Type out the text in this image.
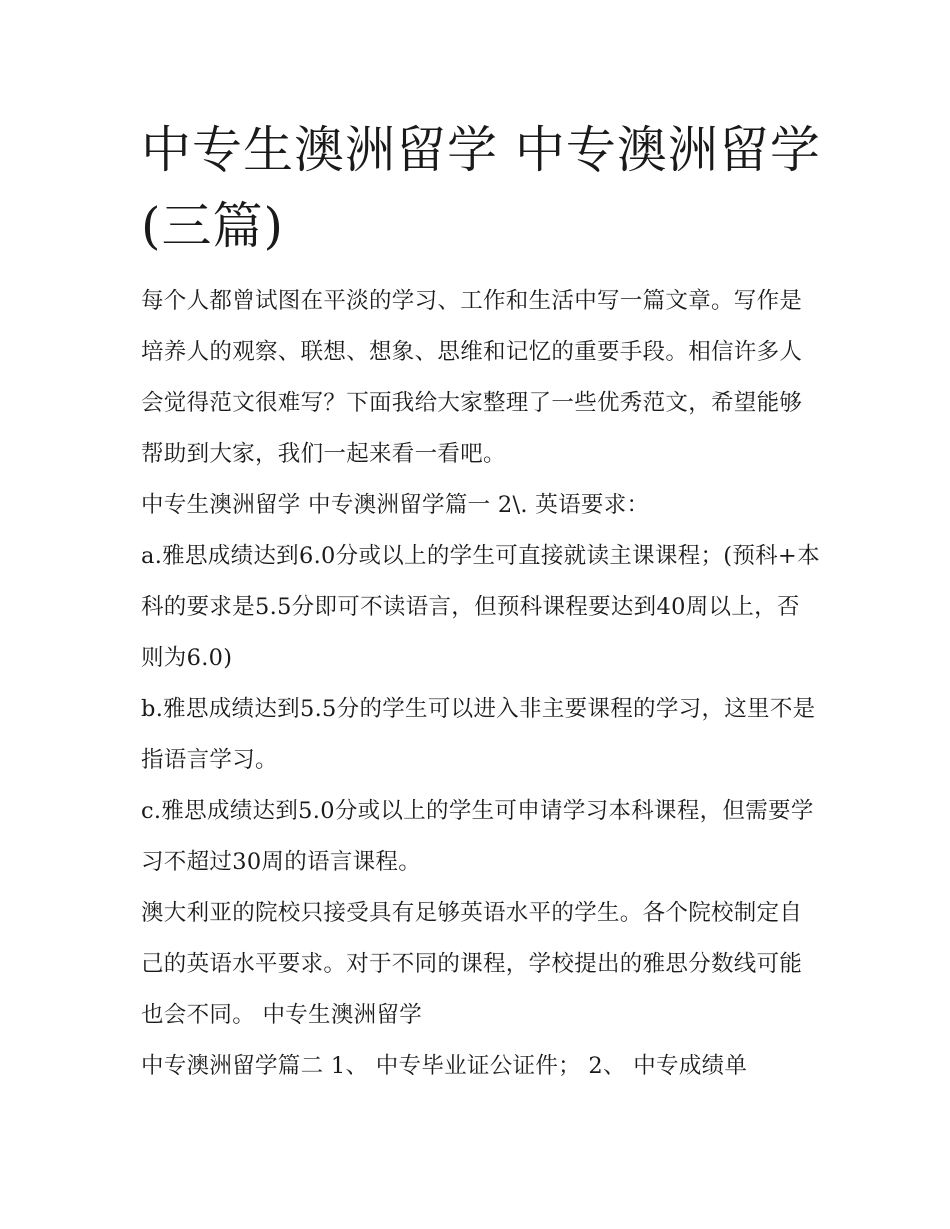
中专生澳洲留学 中专澳洲留学(三篇)

每个人都曾试图在平淡的学习、工作和生活中写一篇文章。写作是培养人的观察、联想、想象、思维和记忆的重要手段。相信许多人会觉得范文很难写？下面我给大家整理了一些优秀范文，希望能够帮助到大家，我们一起来看一看吧。

中专生澳洲留学 中专澳洲留学篇一 2\. 英语要求：

a.雅思成绩达到6.0分或以上的学生可直接就读主课课程；(预科+本科的要求是5.5分即可不读语言，但预科课程要达到40周以上，否则为6.0)

b.雅思成绩达到5.5分的学生可以进入非主要课程的学习，这里不是指语言学习。

c.雅思成绩达到5.0分或以上的学生可申请学习本科课程，但需要学习不超过30周的语言课程。

澳大利亚的院校只接受具有足够英语水平的学生。各个院校制定自己的英语水平要求。对于不同的课程，学校提出的雅思分数线可能也会不同。 中专生澳洲留学

中专澳洲留学篇二 1、 中专毕业证公证件； 2、 中专成绩单
